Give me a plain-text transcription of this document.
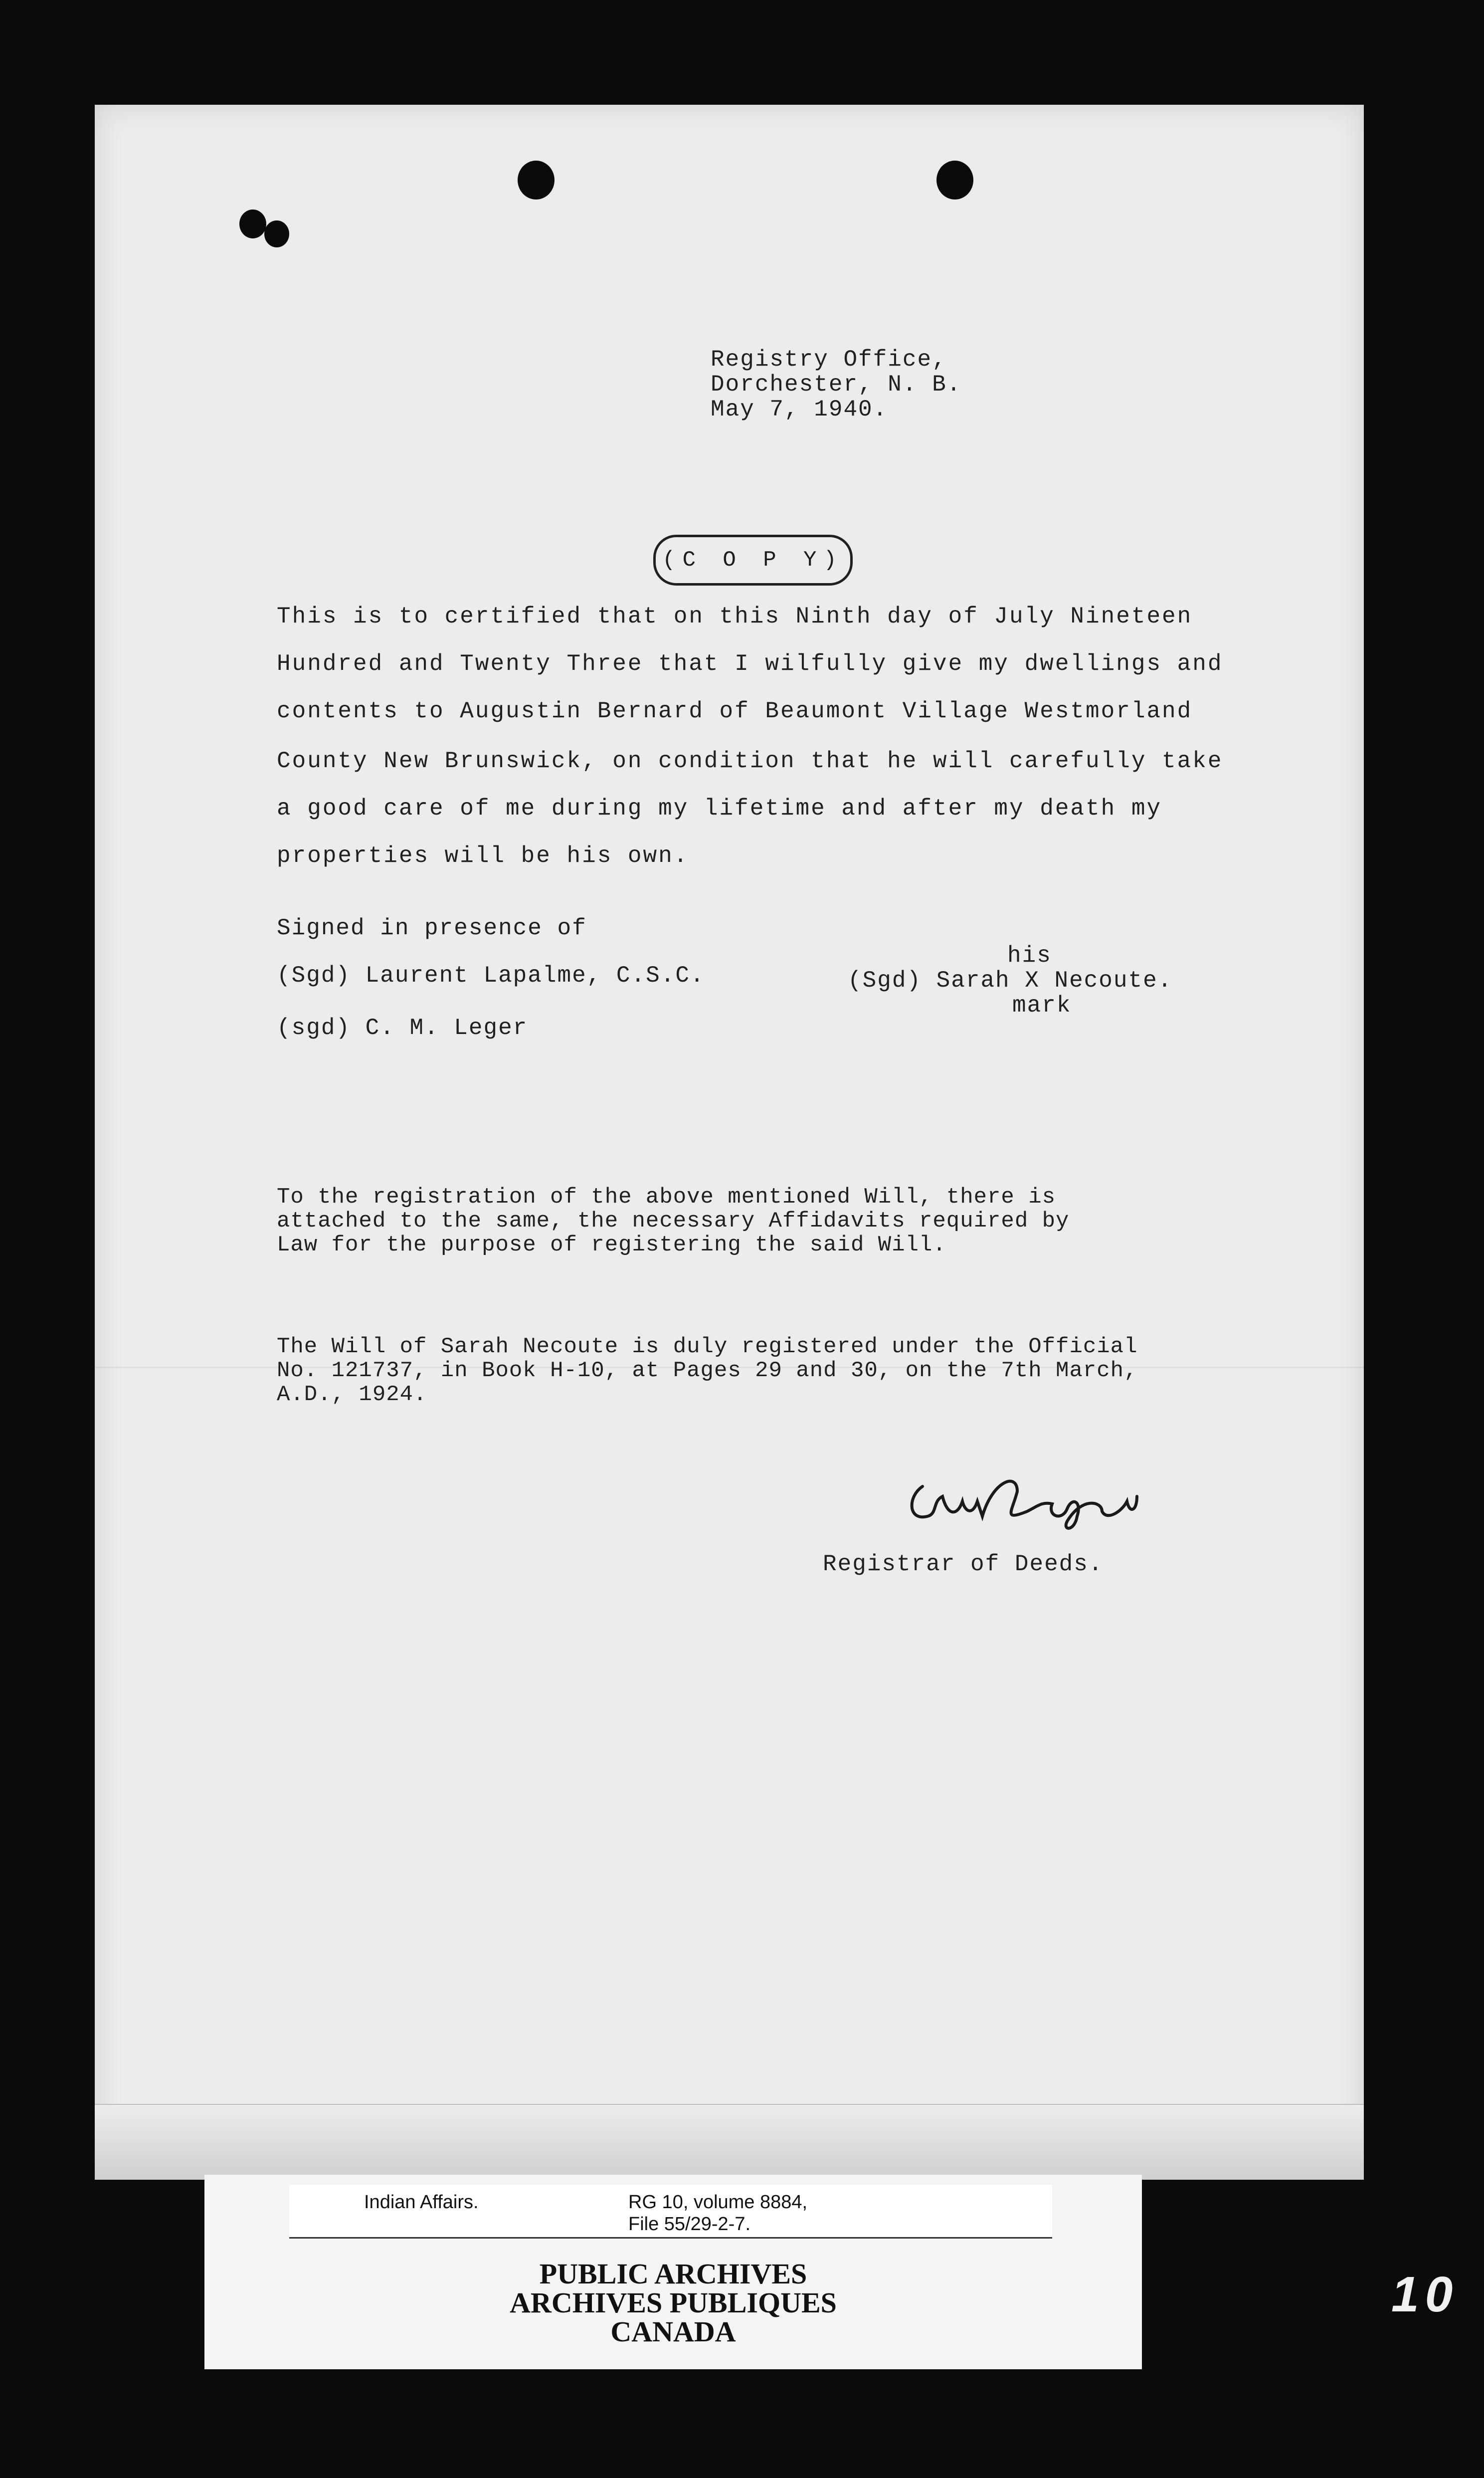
Registry Office,
Dorchester, N. B.
May 7, 1940.
(C O P Y)
This is to certified that on this Ninth day of July Nineteen
Hundred and Twenty Three that I wilfully give my dwellings and
contents to Augustin Bernard of Beaumont Village Westmorland
County New Brunswick, on condition that he will carefully take
a good care of me during my lifetime and after my death my
properties will be his own.
Signed in presence of
(Sgd) Laurent Lapalme, C.S.C.
(sgd) C. M. Leger
his
(Sgd) Sarah X Necoute.
mark
To the registration of the above mentioned Will, there is
attached to the same, the necessary Affidavits required by
Law for the purpose of registering the said Will.
The Will of Sarah Necoute is duly registered under the Official
No. 121737, in Book H-10, at Pages 29 and 30, on the 7th March,
A.D., 1924.
Registrar of Deeds.
Indian Affairs.	RG 10, volume 8884,
File 55/29-2-7.
PUBLIC ARCHIVES
ARCHIVES PUBLIQUES
CANADA
10
